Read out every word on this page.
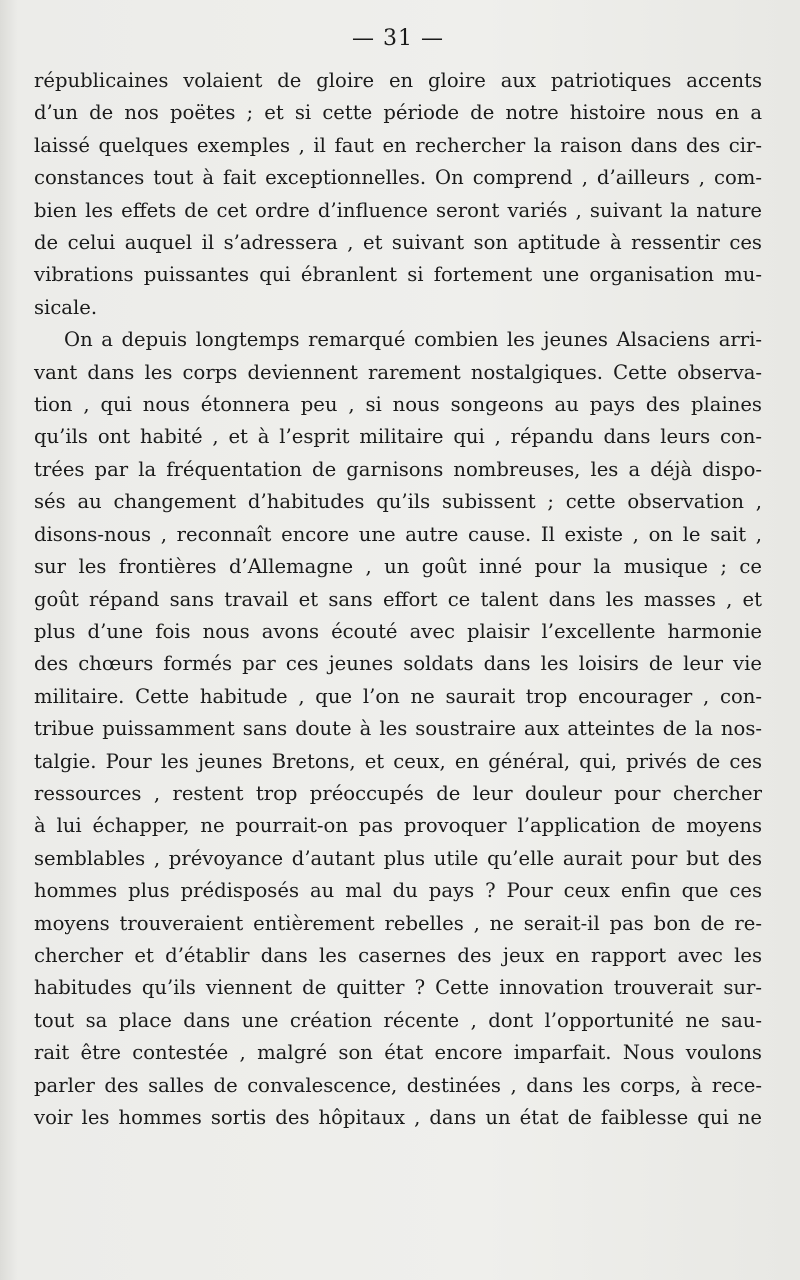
— 31 —

républicaines volaient de gloire en gloire aux patriotiques accents
d’un de nos poëtes ; et si cette période de notre histoire nous en a
laissé quelques exemples , il faut en rechercher la raison dans des cir-
constances tout à fait exceptionnelles. On comprend , d’ailleurs , com-
bien les effets de cet ordre d’influence seront variés , suivant la nature
de celui auquel il s’adressera , et suivant son aptitude à ressentir ces
vibrations puissantes qui ébranlent si fortement une organisation mu-
sicale.

On a depuis longtemps remarqué combien les jeunes Alsaciens arri-
vant dans les corps deviennent rarement nostalgiques. Cette observa-
tion , qui nous étonnera peu , si nous songeons au pays des plaines
qu’ils ont habité , et à l’esprit militaire qui , répandu dans leurs con-
trées par la fréquentation de garnisons nombreuses, les a déjà dispo-
sés au changement d’habitudes qu’ils subissent ; cette observation ,
disons-nous , reconnaît encore une autre cause. Il existe , on le sait ,
sur les frontières d’Allemagne , un goût inné pour la musique ; ce
goût répand sans travail et sans effort ce talent dans les masses , et
plus d’une fois nous avons écouté avec plaisir l’excellente harmonie
des chœurs formés par ces jeunes soldats dans les loisirs de leur vie
militaire. Cette habitude , que l’on ne saurait trop encourager , con-
tribue puissamment sans doute à les soustraire aux atteintes de la nos-
talgie. Pour les jeunes Bretons, et ceux, en général, qui, privés de ces
ressources , restent trop préoccupés de leur douleur pour chercher
à lui échapper, ne pourrait-on pas provoquer l’application de moyens
semblables , prévoyance d’autant plus utile qu’elle aurait pour but des
hommes plus prédisposés au mal du pays ? Pour ceux enfin que ces
moyens trouveraient entièrement rebelles , ne serait-il pas bon de re-
chercher et d’établir dans les casernes des jeux en rapport avec les
habitudes qu’ils viennent de quitter ? Cette innovation trouverait sur-
tout sa place dans une création récente , dont l’opportunité ne sau-
rait être contestée , malgré son état encore imparfait. Nous voulons
parler des salles de convalescence, destinées , dans les corps, à rece-
voir les hommes sortis des hôpitaux , dans un état de faiblesse qui ne
